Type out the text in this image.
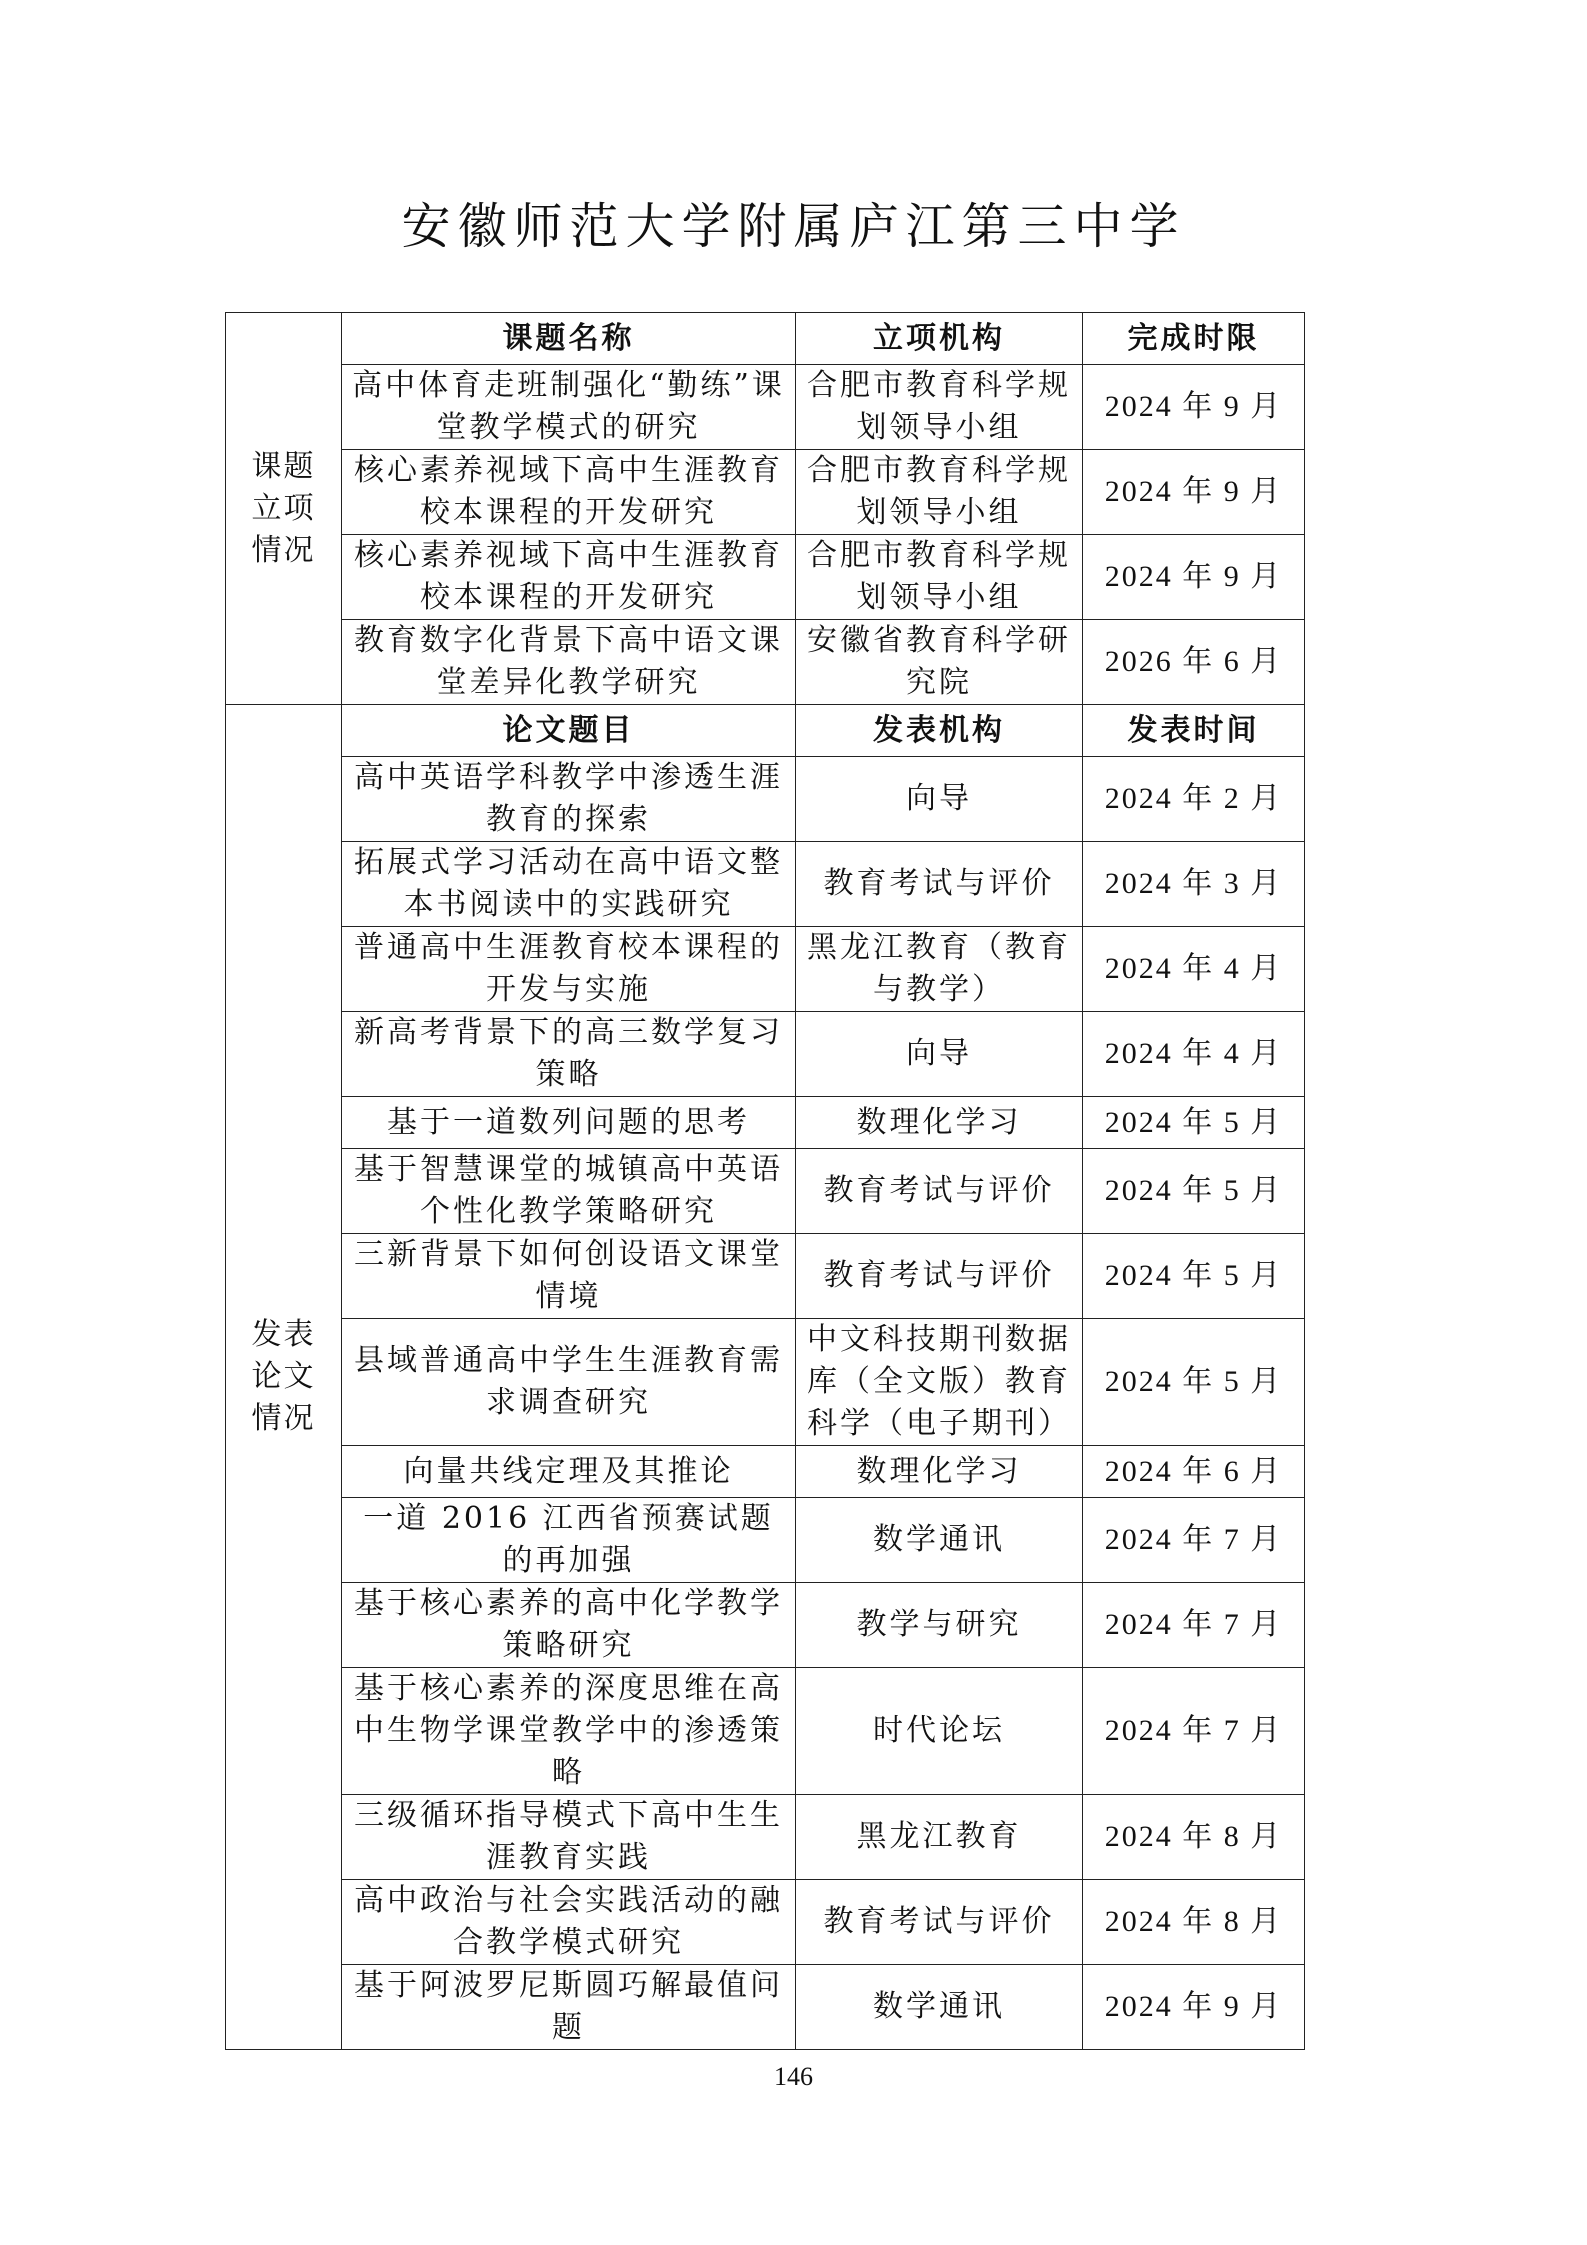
安徽师范大学附属庐江第三中学
课题立项情况	课题名称	立项机构	完成时限
	高中体育走班制强化“勤练”课堂教学模式的研究	合肥市教育科学规划领导小组	2024 年 9 月
	核心素养视域下高中生涯教育校本课程的开发研究	合肥市教育科学规划领导小组	2024 年 9 月
	核心素养视域下高中生涯教育校本课程的开发研究	合肥市教育科学规划领导小组	2024 年 9 月
	教育数字化背景下高中语文课堂差异化教学研究	安徽省教育科学研究院	2026 年 6 月
发表论文情况	论文题目	发表机构	发表时间
	高中英语学科教学中渗透生涯教育的探索	向导	2024 年 2 月
	拓展式学习活动在高中语文整本书阅读中的实践研究	教育考试与评价	2024 年 3 月
	普通高中生涯教育校本课程的开发与实施	黑龙江教育（教育与教学）	2024 年 4 月
	新高考背景下的高三数学复习策略	向导	2024 年 4 月
	基于一道数列问题的思考	数理化学习	2024 年 5 月
	基于智慧课堂的城镇高中英语个性化教学策略研究	教育考试与评价	2024 年 5 月
	三新背景下如何创设语文课堂情境	教育考试与评价	2024 年 5 月
	县域普通高中学生生涯教育需求调查研究	中文科技期刊数据库（全文版）教育科学（电子期刊）	2024 年 5 月
	向量共线定理及其推论	数理化学习	2024 年 6 月
	一道 2016 江西省预赛试题的再加强	数学通讯	2024 年 7 月
	基于核心素养的高中化学教学策略研究	教学与研究	2024 年 7 月
	基于核心素养的深度思维在高中生物学课堂教学中的渗透策略	时代论坛	2024 年 7 月
	三级循环指导模式下高中生生涯教育实践	黑龙江教育	2024 年 8 月
	高中政治与社会实践活动的融合教学模式研究	教育考试与评价	2024 年 8 月
	基于阿波罗尼斯圆巧解最值问题	数学通讯	2024 年 9 月
146
